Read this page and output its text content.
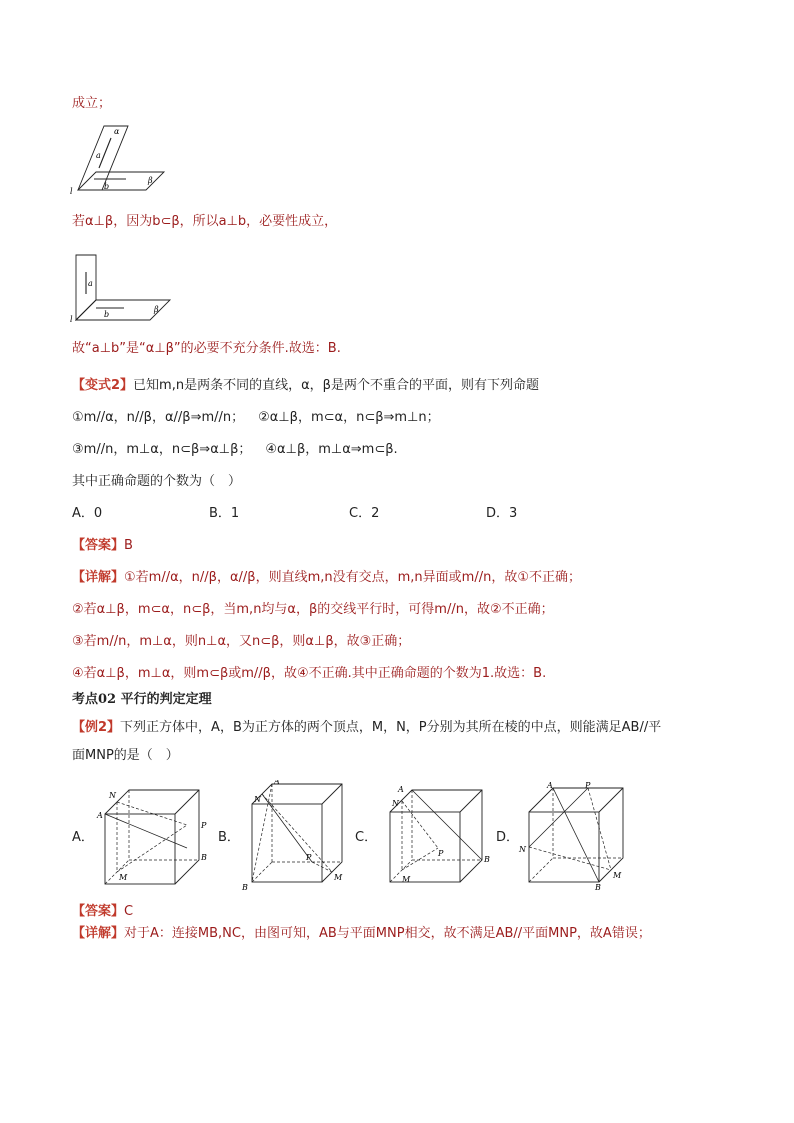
成立；
α
a
b
β
l
若α⊥β，因为b⊂β，所以a⊥b，必要性成立，
a
b
β
l
故“a⊥b”是“α⊥β”的必要不充分条件.故选：B.
【变式2】已知m,n是两条不同的直线，α，β是两个不重合的平面，则有下列命题
①m//α，n//β，α//β⇒m//n； ②α⊥β，m⊂α，n⊂β⇒m⊥n；
③m//n，m⊥α，n⊂β⇒α⊥β； ④α⊥β，m⊥α⇒m⊂β.
其中正确命题的个数为（　）
A．0	B．1	C．2	D．3
【答案】B
【详解】①若m//α，n//β，α//β，则直线m,n没有交点，m,n异面或m//n，故①不正确；
②若α⊥β，m⊂α，n⊂β，当m,n均与α，β的交线平行时，可得m//n，故②不正确；
③若m//n，m⊥α，则n⊥α，又n⊂β，则α⊥β，故③正确；
④若α⊥β，m⊥α，则m⊂β或m//β，故④不正确.其中正确命题的个数为1.故选：B.
考点02 平行的判定定理
【例2】下列正方体中，A，B为正方体的两个顶点，M，N，P分别为其所在棱的中点，则能满足AB//平
面MNP的是（　）
A．	B．	C．	D．
N
A
P
B
M
A
N
P
B
M
A
N
P
B
M
A	P
N
B
M
【答案】C
【详解】对于A：连接MB,NC，由图可知，AB与平面MNP相交，故不满足AB//平面MNP，故A错误；
